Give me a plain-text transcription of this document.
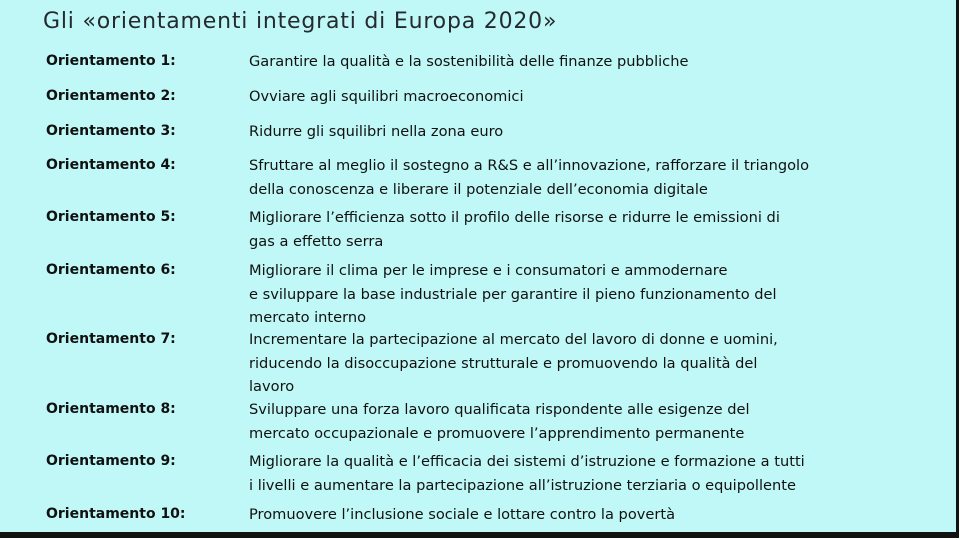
Gli «orientamenti integrati di Europa 2020»
Orientamento 1:	Garantire la qualità e la sostenibilità delle finanze pubbliche
Orientamento 2:	Ovviare agli squilibri macroeconomici
Orientamento 3:	Ridurre gli squilibri nella zona euro
Orientamento 4:	Sfruttare al meglio il sostegno a R&S e all’innovazione, rafforzare il triangolo
della conoscenza e liberare il potenziale dell’economia digitale
Orientamento 5:	Migliorare l’efficienza sotto il profilo delle risorse e ridurre le emissioni di
gas a effetto serra
Orientamento 6:	Migliorare il clima per le imprese e i consumatori e ammodernare
e sviluppare la base industriale per garantire il pieno funzionamento del
mercato interno
Orientamento 7:	Incrementare la partecipazione al mercato del lavoro di donne e uomini,
riducendo la disoccupazione strutturale e promuovendo la qualità del
lavoro
Orientamento 8:	Sviluppare una forza lavoro qualificata rispondente alle esigenze del
mercato occupazionale e promuovere l’apprendimento permanente
Orientamento 9:	Migliorare la qualità e l’efficacia dei sistemi d’istruzione e formazione a tutti
i livelli e aumentare la partecipazione all’istruzione terziaria o equipollente
Orientamento 10:	Promuovere l’inclusione sociale e lottare contro la povertà
